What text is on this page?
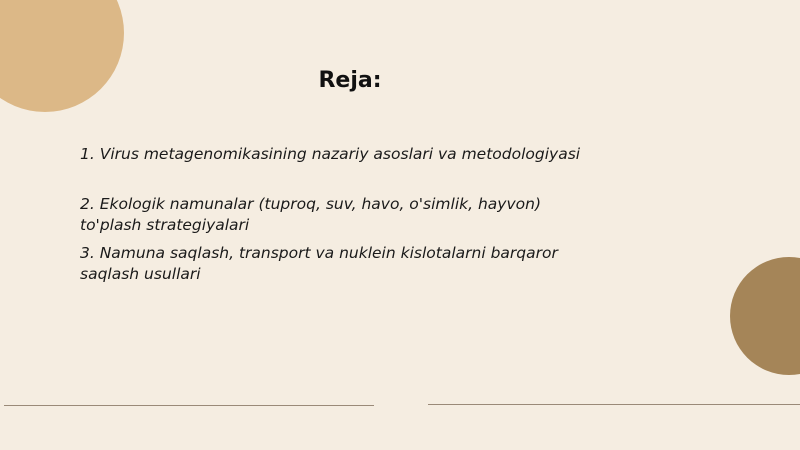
Reja:

1. Virus metagenomikasining nazariy asoslari va metodologiyasi

2. Ekologik namunalar (tuproq, suv, havo, o'simlik, hayvon) to'plash strategiyalari

3. Namuna saqlash, transport va nuklein kislotalarni barqaror saqlash usullari
